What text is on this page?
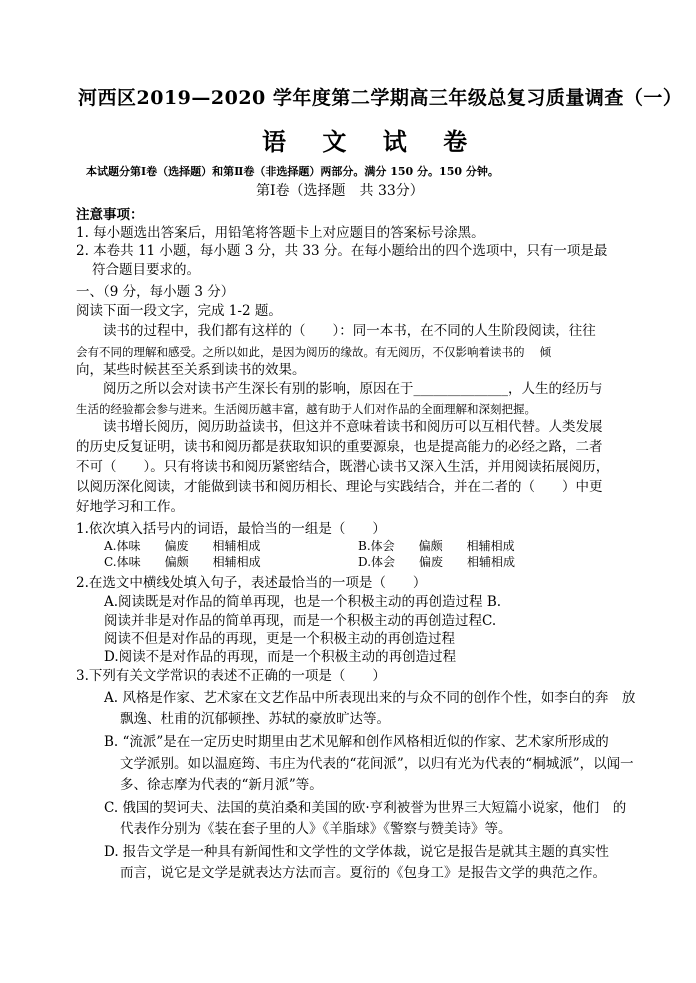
河西区2019—2020 学年度第二学期高三年级总复习质量调查（一）
语 文 试 卷
本试题分第Ⅰ卷（选择题）和第Ⅱ卷（非选择题）两部分。满分 150 分。150 分钟。
第Ⅰ卷（选择题　共 33分）
注意事项：
1. 每小题选出答案后，用铅笔将答题卡上对应题目的答案标号涂黑。
2. 本卷共 11 小题，每小题 3 分，共 33 分。在每小题给出的四个选项中，只有一项是最
符合题目要求的。
一、（9 分，每小题 3 分）
阅读下面一段文字，完成 1-2 题。
读书的过程中，我们都有这样的（　　）：同一本书，在不同的人生阶段阅读，往往
会有不同的理解和感受。之所以如此，是因为阅历的缘故。有无阅历，不仅影响着读书的　 倾
向，某些时候甚至关系到读书的效果。
阅历之所以会对读书产生深长有别的影响，原因在于______________，人生的经历与
生活的经验都会参与进来。生活阅历越丰富，越有助于人们对作品的全面理解和深刻把握。
读书增长阅历，阅历助益读书，但这并不意味着读书和阅历可以互相代替。人类发展
的历史反复证明，读书和阅历都是获取知识的重要源泉，也是提高能力的必经之路，二者
不可（　　）。只有将读书和阅历紧密结合，既潜心读书又深入生活，并用阅读拓展阅历，
以阅历深化阅读，才能做到读书和阅历相长、理论与实践结合，并在二者的（　　）中更
好地学习和工作。
1.依次填入括号内的词语，最恰当的一组是（　　）
A.体味　　偏废　　相辅相成	B.体会　　偏颇　　相辅相成
C.体味　　偏颇　　相辅相成	D.体会　　偏废　　相辅相成
2.在选文中横线处填入句子，表述最恰当的一项是（　　）
A.阅读既是对作品的简单再现，也是一个积极主动的再创造过程 B.
阅读并非是对作品的简单再现，而是一个积极主动的再创造过程C.
阅读不但是对作品的再现，更是一个积极主动的再创造过程
D.阅读不是对作品的再现，而是一个积极主动的再创造过程
3.下列有关文学常识的表述不正确的一项是（　　）
A. 风格是作家、艺术家在文艺作品中所表现出来的与众不同的创作个性，如李白的奔　放
飘逸、杜甫的沉郁顿挫、苏轼的豪放旷达等。
B. “流派”是在一定历史时期里由艺术见解和创作风格相近似的作家、艺术家所形成的
文学派别。如以温庭筠、韦庄为代表的“花间派”，以归有光为代表的“桐城派”，以闻一
多、徐志摩为代表的“新月派”等。
C. 俄国的契诃夫、法国的莫泊桑和美国的欧·亨利被誉为世界三大短篇小说家，他们　的
代表作分别为《装在套子里的人》《羊脂球》《警察与赞美诗》等。
D. 报告文学是一种具有新闻性和文学性的文学体裁，说它是报告是就其主题的真实性
而言，说它是文学是就表达方法而言。夏衍的《包身工》是报告文学的典范之作。
